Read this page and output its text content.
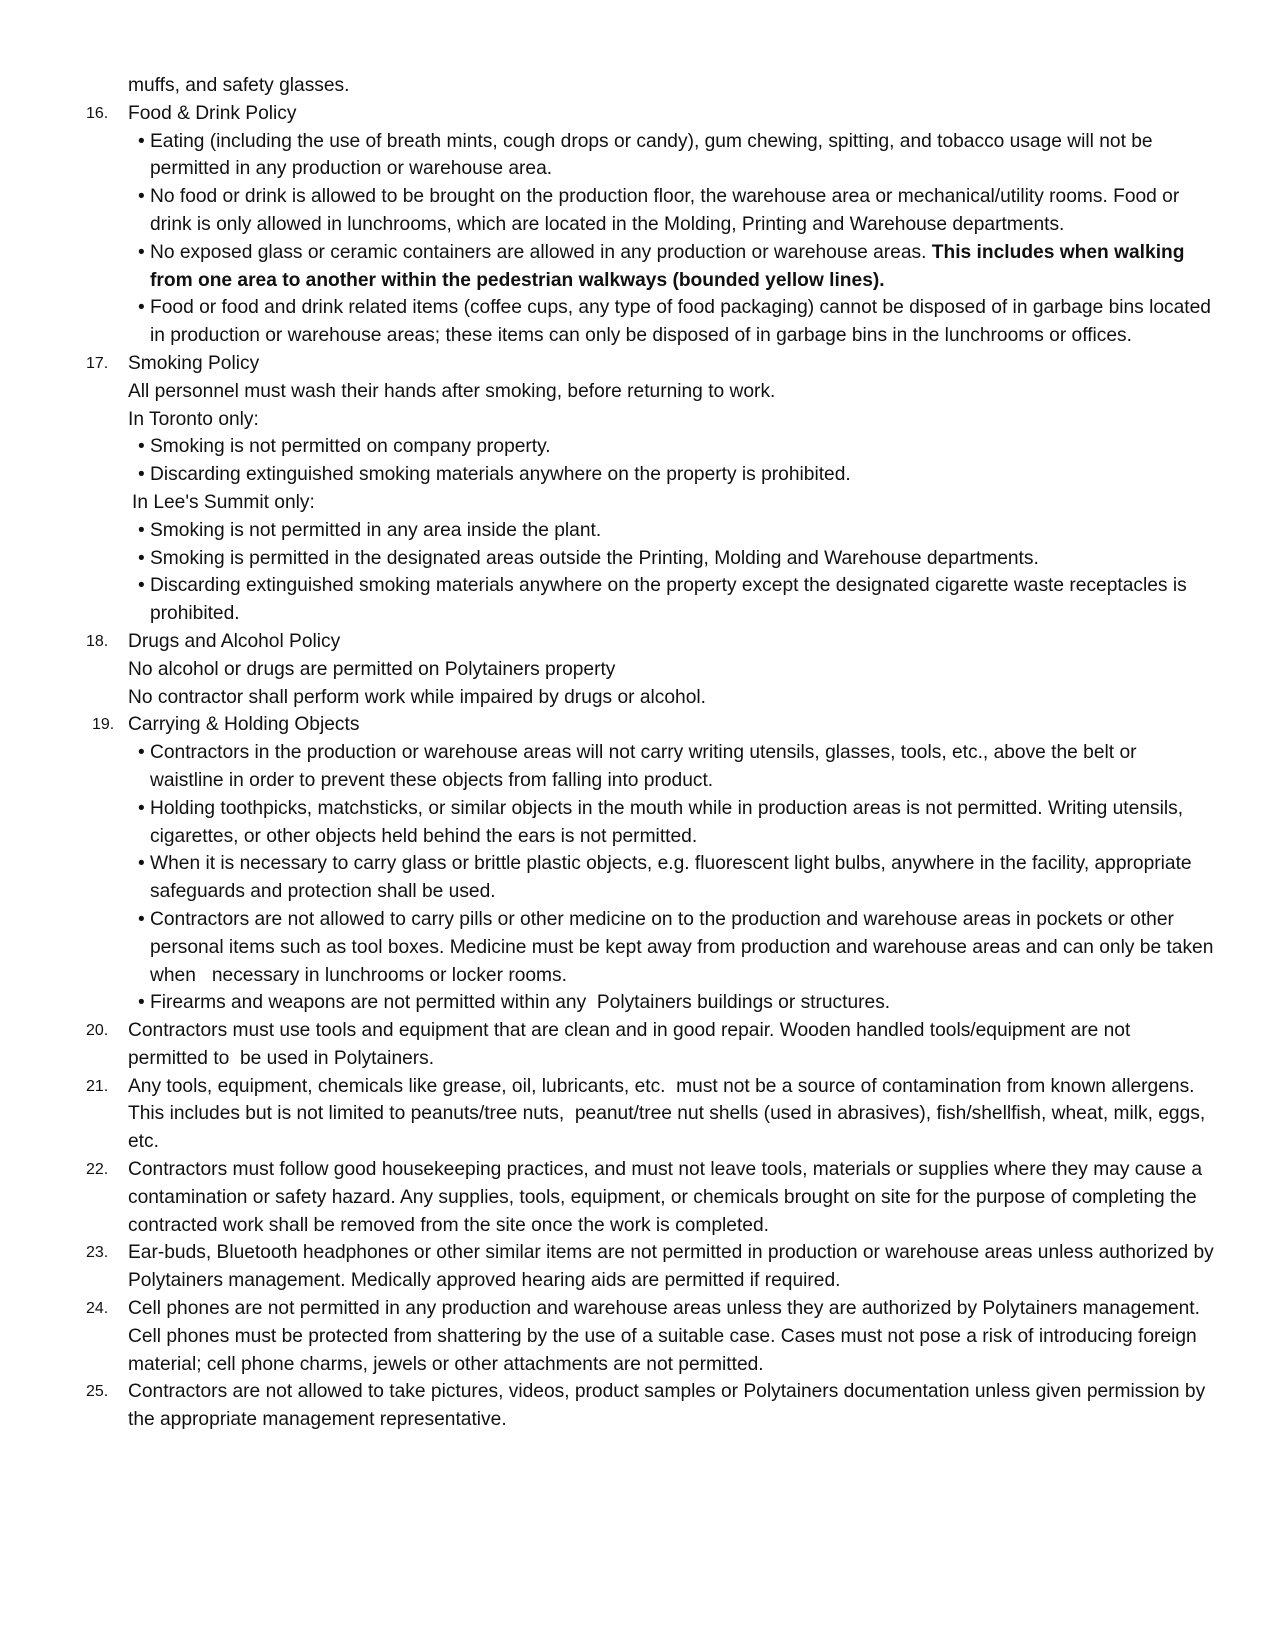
muffs, and safety glasses.
16.	Food & Drink Policy
• Eating (including the use of breath mints, cough drops or candy), gum chewing, spitting, and tobacco usage will not be permitted in any production or warehouse area.
• No food or drink is allowed to be brought on the production floor, the warehouse area or mechanical/utility rooms. Food or drink is only allowed in lunchrooms, which are located in the Molding, Printing and Warehouse departments.
• No exposed glass or ceramic containers are allowed in any production or warehouse areas. This includes when walking from one area to another within the pedestrian walkways (bounded yellow lines).
• Food or food and drink related items (coffee cups, any type of food packaging) cannot be disposed of in garbage bins located in production or warehouse areas; these items can only be disposed of in garbage bins in the lunchrooms or offices.
17.	Smoking Policy
All personnel must wash their hands after smoking, before returning to work.
In Toronto only:
• Smoking is not permitted on company property.
• Discarding extinguished smoking materials anywhere on the property is prohibited.
In Lee's Summit only:
• Smoking is not permitted in any area inside the plant.
• Smoking is permitted in the designated areas outside the Printing, Molding and Warehouse departments.
• Discarding extinguished smoking materials anywhere on the property except the designated cigarette waste receptacles is   prohibited.
18.	Drugs and Alcohol Policy
No alcohol or drugs are permitted on Polytainers property
No contractor shall perform work while impaired by drugs or alcohol.
19. Carrying & Holding Objects
• Contractors in the production or warehouse areas will not carry writing utensils, glasses, tools, etc., above the belt or waistline in order to prevent these objects from falling into product.
• Holding toothpicks, matchsticks, or similar objects in the mouth while in production areas is not permitted. Writing utensils, cigarettes, or other objects held behind the ears is not permitted.
• When it is necessary to carry glass or brittle plastic objects, e.g. fluorescent light bulbs, anywhere in the facility, appropriate safeguards and protection shall be used.
• Contractors are not allowed to carry pills or other medicine on to the production and warehouse areas in pockets or other personal items such as tool boxes. Medicine must be kept away from production and warehouse areas and can only be taken when   necessary in lunchrooms or locker rooms.
• Firearms and weapons are not permitted within any  Polytainers buildings or structures.
20.	Contractors must use tools and equipment that are clean and in good repair. Wooden handled tools/equipment are not permitted to  be used in Polytainers.
21.	Any tools, equipment, chemicals like grease, oil, lubricants, etc.  must not be a source of contamination from known allergens. This includes but is not limited to peanuts/tree nuts,  peanut/tree nut shells (used in abrasives), fish/shellfish, wheat, milk, eggs, etc.
22.	Contractors must follow good housekeeping practices, and must not leave tools, materials or supplies where they may cause a contamination or safety hazard. Any supplies, tools, equipment, or chemicals brought on site for the purpose of completing the  contracted work shall be removed from the site once the work is completed.
23.	Ear-buds, Bluetooth headphones or other similar items are not permitted in production or warehouse areas unless authorized by Polytainers management. Medically approved hearing aids are permitted if required.
24.	Cell phones are not permitted in any production and warehouse areas unless they are authorized by Polytainers management. Cell phones must be protected from shattering by the use of a suitable case. Cases must not pose a risk of introducing foreign material; cell phone charms, jewels or other attachments are not permitted.
25.	Contractors are not allowed to take pictures, videos, product samples or Polytainers documentation unless given permission by the appropriate management representative.
